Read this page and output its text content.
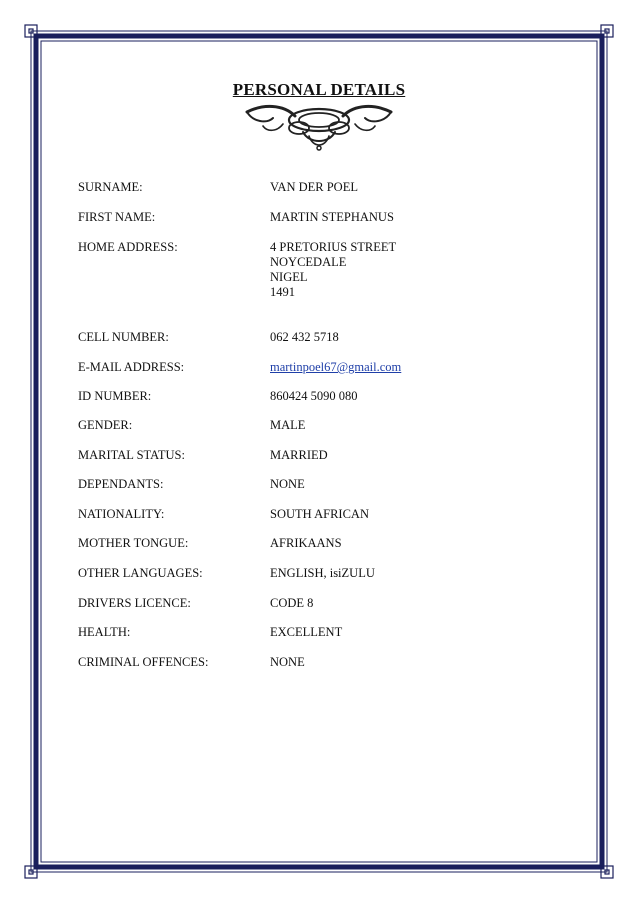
PERSONAL DETAILS
SURNAME:	VAN DER POEL
FIRST NAME:	MARTIN STEPHANUS
HOME ADDRESS:	4 PRETORIUS STREET
NOYCEDALE
NIGEL
1491
CELL NUMBER:	062 432 5718
E-MAIL ADDRESS:	martinpoel67@gmail.com
ID NUMBER:	860424 5090 080
GENDER:	MALE
MARITAL STATUS:	MARRIED
DEPENDANTS:	NONE
NATIONALITY:	SOUTH AFRICAN
MOTHER TONGUE:	AFRIKAANS
OTHER LANGUAGES:	ENGLISH, isiZULU
DRIVERS LICENCE:	CODE 8
HEALTH:	EXCELLENT
CRIMINAL OFFENCES:	NONE
